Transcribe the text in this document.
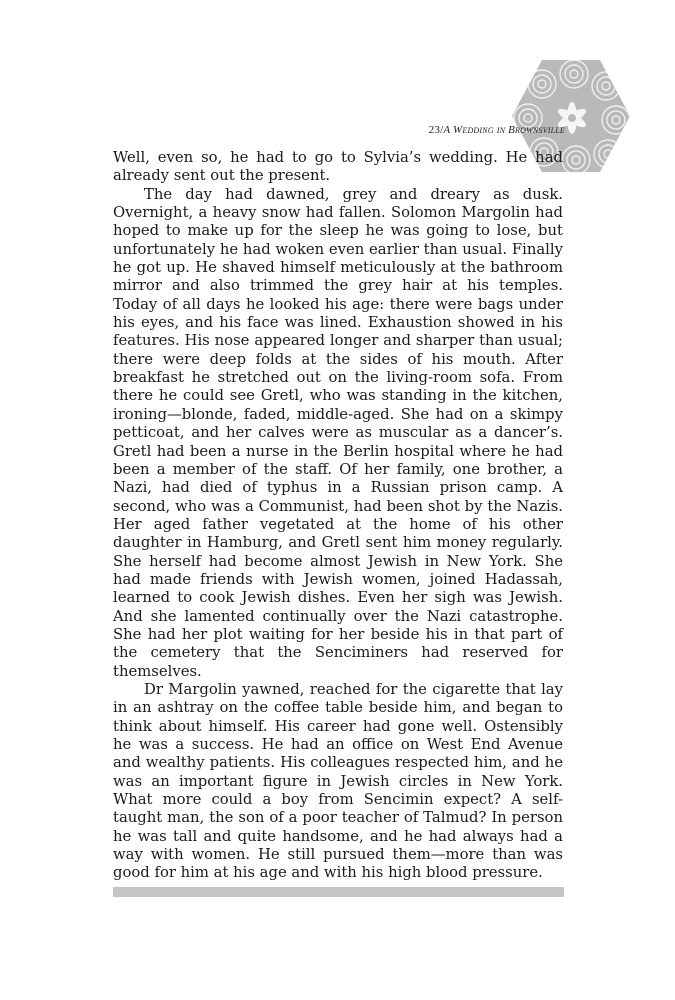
23/A Wedding in Brownsville

Well, even so, he had to go to Sylvia’s wedding. He had already sent out the present.

The day had dawned, grey and dreary as dusk. Overnight, a heavy snow had fallen. Solomon Margolin had hoped to make up for the sleep he was going to lose, but unfortunately he had woken even earlier than usual. Finally he got up. He shaved himself meticulously at the bathroom mirror and also trimmed the grey hair at his temples. Today of all days he looked his age: there were bags under his eyes, and his face was lined. Exhaustion showed in his features. His nose appeared longer and sharper than usual; there were deep folds at the sides of his mouth. After breakfast he stretched out on the living-room sofa. From there he could see Gretl, who was standing in the kitchen, ironing—blonde, faded, middle-aged. She had on a skimpy petticoat, and her calves were as muscular as a dancer’s. Gretl had been a nurse in the Berlin hospital where he had been a member of the staff. Of her family, one brother, a Nazi, had died of typhus in a Russian prison camp. A second, who was a Communist, had been shot by the Nazis. Her aged father vegetated at the home of his other daughter in Hamburg, and Gretl sent him money regularly. She herself had become almost Jewish in New York. She had made friends with Jewish women, joined Hadassah, learned to cook Jewish dishes. Even her sigh was Jewish. And she lamented continually over the Nazi catastrophe. She had her plot waiting for her beside his in that part of the cemetery that the Senciminers had reserved for themselves.

Dr Margolin yawned, reached for the cigarette that lay in an ashtray on the coffee table beside him, and began to think about himself. His career had gone well. Ostensibly he was a success. He had an office on West End Avenue and wealthy patients. His colleagues respected him, and he was an important figure in Jewish circles in New York. What more could a boy from Sencimin expect? A self-taught man, the son of a poor teacher of Talmud? In person he was tall and quite handsome, and he had always had a way with women. He still pursued them—more than was good for him at his age and with his high blood pressure.
